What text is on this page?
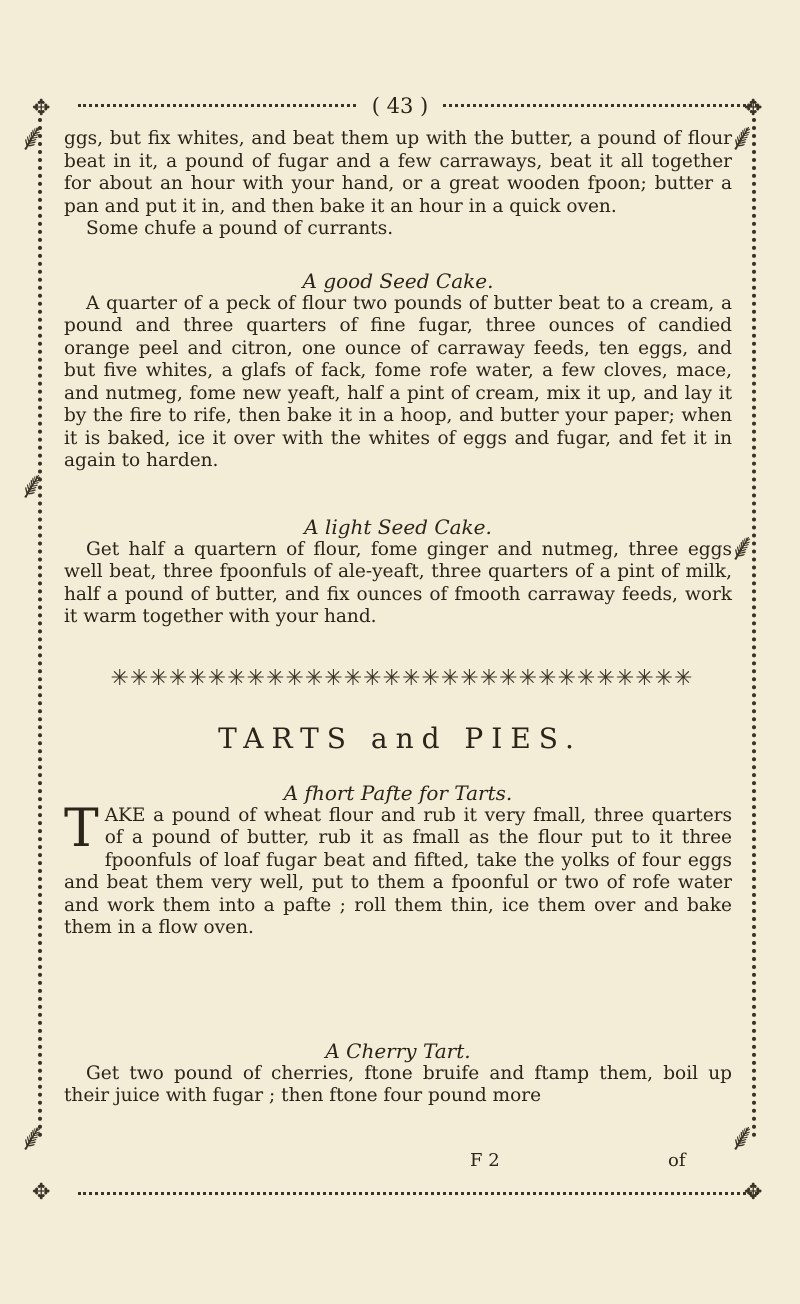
( 43 )
✥	✥
⸙	⸙
⸙
⸙
⸙	⸙

ggs, but fix whites, and beat them up with the butter, a pound of flour beat in it, a pound of fugar and a few carraways, beat it all together for about an hour with your hand, or a great wooden fpoon; butter a pan and put it in, and then bake it an hour in a quick oven.

Some chufe a pound of currants.

A good Seed Cake.

A quarter of a peck of flour two pounds of butter beat to a cream, a pound and three quarters of fine fugar, three ounces of candied orange peel and citron, one ounce of carraway feeds, ten eggs, and but five whites, a glafs of fack, fome rofe water, a few cloves, mace, and nutmeg, fome new yeaft, half a pint of cream, mix it up, and lay it by the fire to rife, then bake it in a hoop, and butter your paper; when it is baked, ice it over with the whites of eggs and fugar, and fet it in again to harden.

A light Seed Cake.

Get half a quartern of flour, fome ginger and nutmeg, three eggs well beat, three fpoonfuls of ale-yeaft, three quarters of a pint of milk, half a pound of butter, and fix ounces of fmooth carraway feeds, work it warm together with your hand.

✳✳✳✳✳✳✳✳✳✳✳✳✳✳✳✳✳✳✳✳✳✳✳✳✳✳✳✳✳✳
TARTS and PIES.

A fhort Pafte for Tarts.

TAKE a pound of wheat flour and rub it very fmall, three quarters of a pound of butter, rub it as fmall as the flour put to it three fpoonfuls of loaf fugar beat and fifted, take the yolks of four eggs and beat them very well, put to them a fpoonful or two of rofe water and work them into a pafte ; roll them thin, ice them over and bake them in a flow oven.

A Cherry Tart.

Get two pound of cherries, ftone bruife and ftamp them, boil up their juice with fugar ; then ftone four pound more

F 2	of
✥	✥
